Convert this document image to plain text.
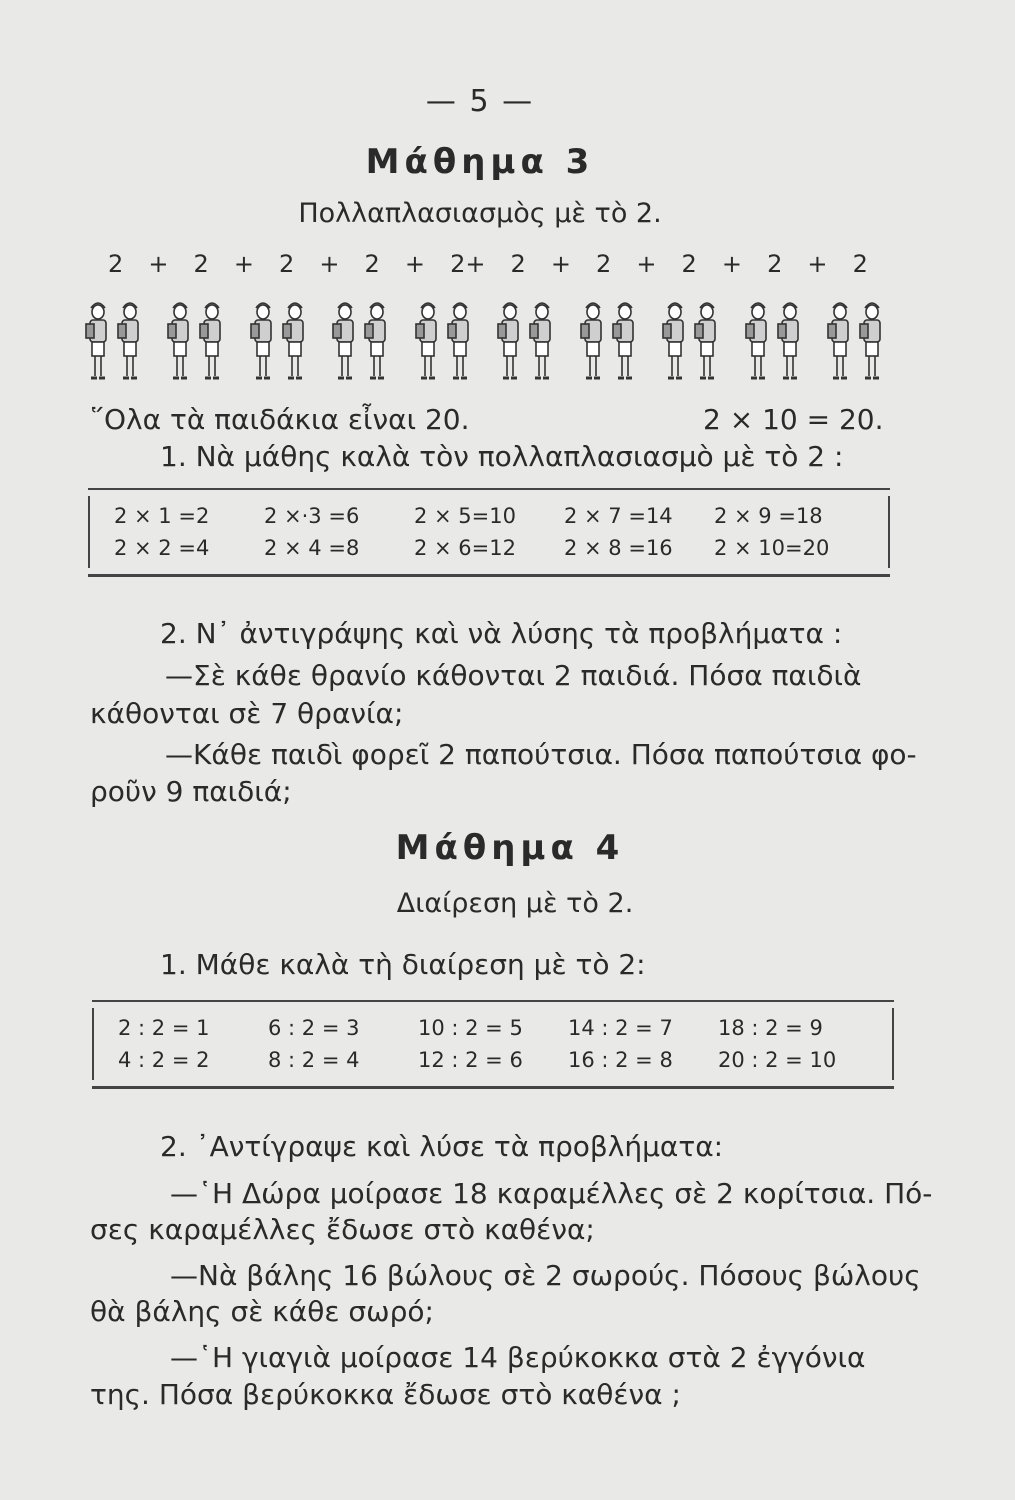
— 5 —
Μάθημα 3
Πολλαπλασιασμὸς μὲ τὸ 2.
2 + 2 + 2 + 2 + 2+ 2 + 2 + 2 + 2 + 2
῞Ολα τὰ παιδάκια εἶναι 20.	2 × 10 = 20.
1. Νὰ μάθης καλὰ τὸν πολλαπλασιασμὸ μὲ τὸ 2 :
2 × 1 =2	2 ×·3 =6	2 × 5=10	2 × 7 =14	2 × 9 =18
2 × 2 =4	2 × 4 =8	2 × 6=12	2 × 8 =16	2 × 10=20
2. Ν᾽ ἀντιγράψης καὶ νὰ λύσης τὰ προβλήματα :
—Σὲ κάθε θρανίο κάθονται 2 παιδιά. Πόσα παιδιὰ
κάθονται σὲ 7 θρανία;
—Κάθε παιδὶ φορεῖ 2 παπούτσια. Πόσα παπούτσια φο-
ροῦν 9 παιδιά;
Μάθημα 4
Διαίρεση μὲ τὸ 2.
1. Μάθε καλὰ τὴ διαίρεση μὲ τὸ 2:
2 : 2 = 1	6 : 2 = 3	10 : 2 = 5	14 : 2 = 7	18 : 2 = 9
4 : 2 = 2	8 : 2 = 4	12 : 2 = 6	16 : 2 = 8	20 : 2 = 10
2. ᾽Αντίγραψε καὶ λύσε τὰ προβλήματα:
—῾Η Δώρα μοίρασε 18 καραμέλλες σὲ 2 κορίτσια. Πό-
σες καραμέλλες ἔδωσε στὸ καθένα;
—Νὰ βάλης 16 βώλους σὲ 2 σωρούς. Πόσους βώλους
θὰ βάλης σὲ κάθε σωρό;
—῾Η γιαγιὰ μοίρασε 14 βερύκοκκα στὰ 2 ἐγγόνια
της. Πόσα βερύκοκκα ἔδωσε στὸ καθένα ;
